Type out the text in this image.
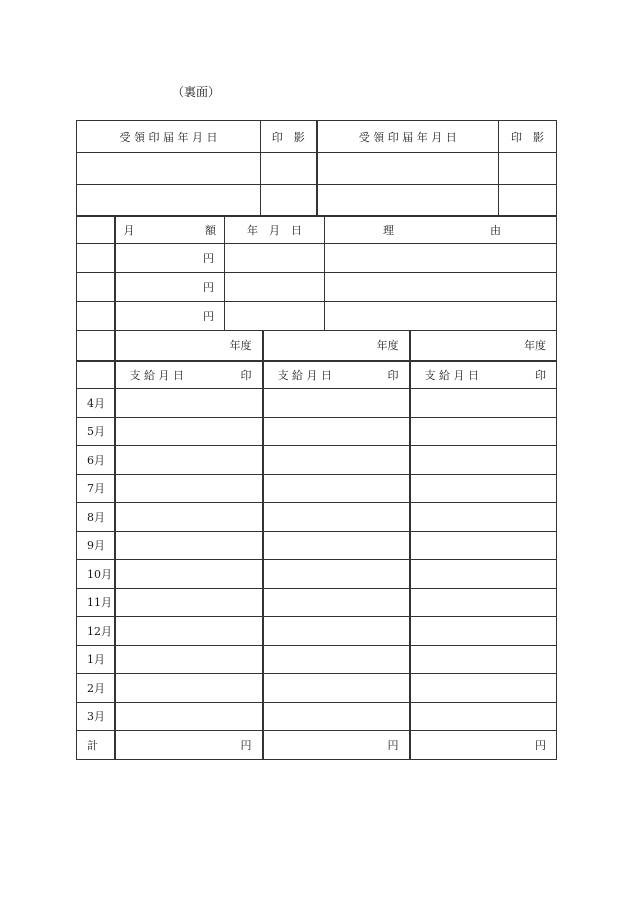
（裏面）
受 領 印 届 年 月 日	印　影	受 領 印 届 年 月 日	印　影

	月 額	年　月　日	理 由

	円		
	円		
	円		
	年度	年度	年度

	支 給 月 日 印	支 給 月 日 印	支 給 月 日 印

4月			
5月			
6月			
7月			
8月			
9月			
10月			
11月			
12月			
1月			
2月			
3月			
計	円	円	円
